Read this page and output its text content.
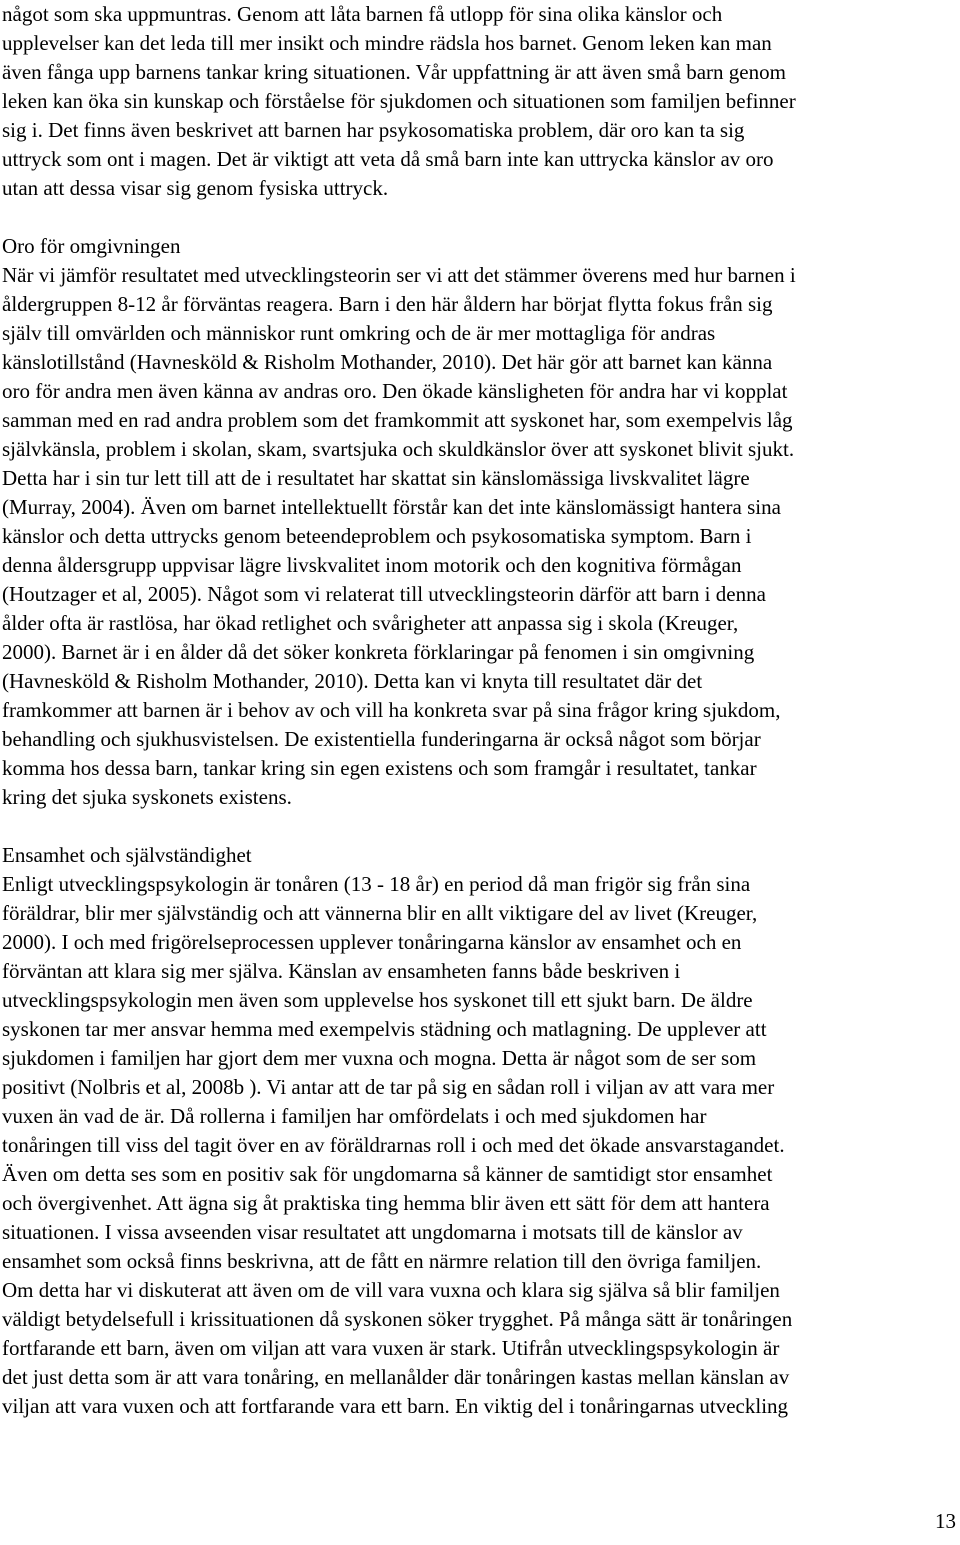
något som ska uppmuntras. Genom att låta barnen få utlopp för sina olika känslor och
upplevelser kan det leda till mer insikt och mindre rädsla hos barnet. Genom leken kan man
även fånga upp barnens tankar kring situationen. Vår uppfattning är att även små barn genom
leken kan öka sin kunskap och förståelse för sjukdomen och situationen som familjen befinner
sig i. Det finns även beskrivet att barnen har psykosomatiska problem, där oro kan ta sig
uttryck som ont i magen. Det är viktigt att veta då små barn inte kan uttrycka känslor av oro
utan att dessa visar sig genom fysiska uttryck.
Oro för omgivningen
När vi jämför resultatet med utvecklingsteorin ser vi att det stämmer överens med hur barnen i
åldergruppen 8-12 år förväntas reagera. Barn i den här åldern har börjat flytta fokus från sig
själv till omvärlden och människor runt omkring och de är mer mottagliga för andras
känslotillstånd (Havnesköld & Risholm Mothander, 2010). Det här gör att barnet kan känna
oro för andra men även känna av andras oro. Den ökade känsligheten för andra har vi kopplat
samman med en rad andra problem som det framkommit att syskonet har, som exempelvis låg
självkänsla, problem i skolan, skam, svartsjuka och skuldkänslor över att syskonet blivit sjukt.
Detta har i sin tur lett till att de i resultatet har skattat sin känslomässiga livskvalitet lägre
(Murray, 2004). Även om barnet intellektuellt förstår kan det inte känslomässigt hantera sina
känslor och detta uttrycks genom beteendeproblem och psykosomatiska symptom. Barn i
denna åldersgrupp uppvisar lägre livskvalitet inom motorik och den kognitiva förmågan
(Houtzager et al, 2005). Något som vi relaterat till utvecklingsteorin därför att barn i denna
ålder ofta är rastlösa, har ökad retlighet och svårigheter att anpassa sig i skola (Kreuger,
2000). Barnet är i en ålder då det söker konkreta förklaringar på fenomen i sin omgivning
(Havnesköld & Risholm Mothander, 2010). Detta kan vi knyta till resultatet där det
framkommer att barnen är i behov av och vill ha konkreta svar på sina frågor kring sjukdom,
behandling och sjukhusvistelsen. De existentiella funderingarna är också något som börjar
komma hos dessa barn, tankar kring sin egen existens och som framgår i resultatet, tankar
kring det sjuka syskonets existens.
Ensamhet och självständighet
Enligt utvecklingspsykologin är tonåren (13 - 18 år) en period då man frigör sig från sina
föräldrar, blir mer självständig och att vännerna blir en allt viktigare del av livet (Kreuger,
2000). I och med frigörelseprocessen upplever tonåringarna känslor av ensamhet och en
förväntan att klara sig mer själva. Känslan av ensamheten fanns både beskriven i
utvecklingspsykologin men även som upplevelse hos syskonet till ett sjukt barn. De äldre
syskonen tar mer ansvar hemma med exempelvis städning och matlagning. De upplever att
sjukdomen i familjen har gjort dem mer vuxna och mogna. Detta är något som de ser som
positivt (Nolbris et al, 2008b ). Vi antar att de tar på sig en sådan roll i viljan av att vara mer
vuxen än vad de är. Då rollerna i familjen har omfördelats i och med sjukdomen har
tonåringen till viss del tagit över en av föräldrarnas roll i och med det ökade ansvarstagandet.
Även om detta ses som en positiv sak för ungdomarna så känner de samtidigt stor ensamhet
och övergivenhet. Att ägna sig åt praktiska ting hemma blir även ett sätt för dem att hantera
situationen. I vissa avseenden visar resultatet att ungdomarna i motsats till de känslor av
ensamhet som också finns beskrivna, att de fått en närmre relation till den övriga familjen.
Om detta har vi diskuterat att även om de vill vara vuxna och klara sig själva så blir familjen
väldigt betydelsefull i krissituationen då syskonen söker trygghet. På många sätt är tonåringen
fortfarande ett barn, även om viljan att vara vuxen är stark. Utifrån utvecklingspsykologin är
det just detta som är att vara tonåring, en mellanålder där tonåringen kastas mellan känslan av
viljan att vara vuxen och att fortfarande vara ett barn. En viktig del i tonåringarnas utveckling
13
